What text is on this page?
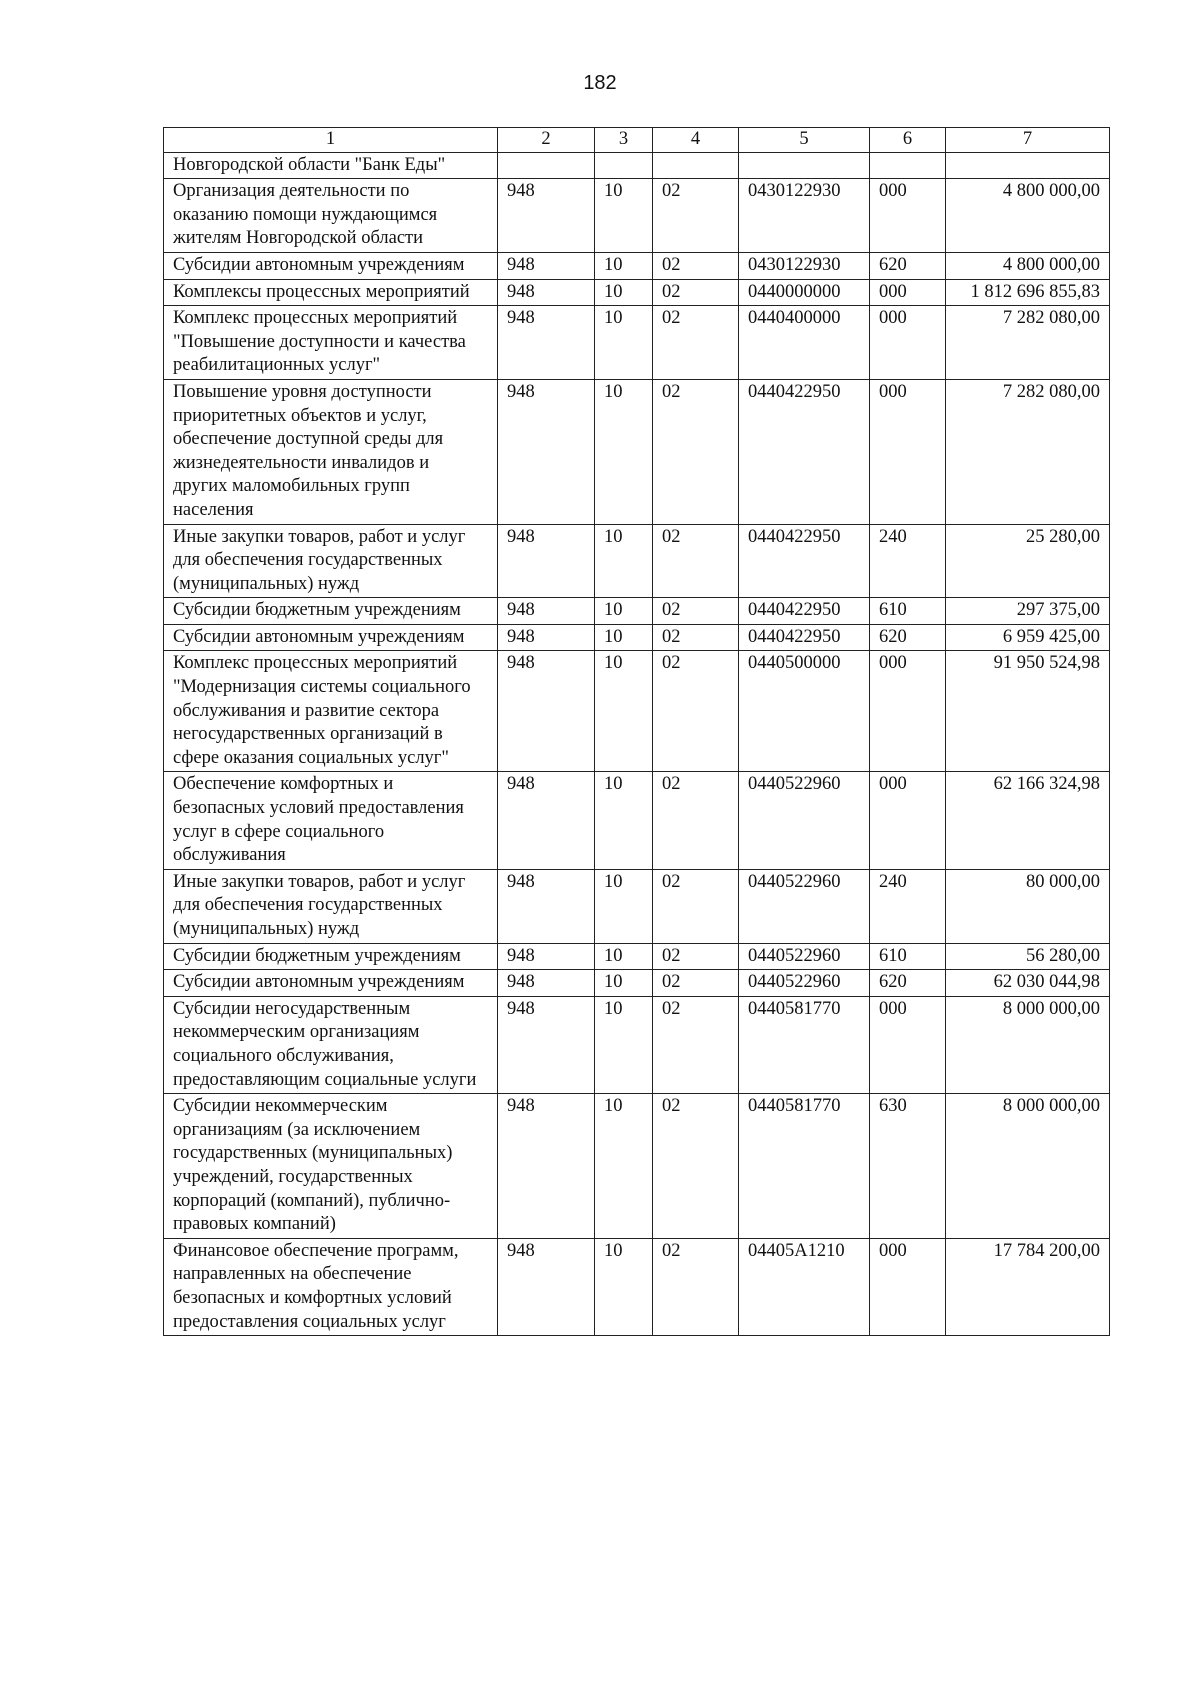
182
1	2	3	4	5	6	7
Новгородской области "Банк Еды"						
Организация деятельности по оказанию помощи нуждающимся жителям Новгородской области	948	10	02	0430122930	000	4 800 000,00
Субсидии автономным учреждениям	948	10	02	0430122930	620	4 800 000,00
Комплексы процессных мероприятий	948	10	02	0440000000	000	1 812 696 855,83
Комплекс процессных мероприятий "Повышение доступности и качества реабилитационных услуг"	948	10	02	0440400000	000	7 282 080,00
Повышение уровня доступности приоритетных объектов и услуг, обеспечение доступной среды для жизнедеятельности инвалидов и других маломобильных групп населения	948	10	02	0440422950	000	7 282 080,00
Иные закупки товаров, работ и услуг для обеспечения государственных (муниципальных) нужд	948	10	02	0440422950	240	25 280,00
Субсидии бюджетным учреждениям	948	10	02	0440422950	610	297 375,00
Субсидии автономным учреждениям	948	10	02	0440422950	620	6 959 425,00
Комплекс процессных мероприятий "Модернизация системы социального обслуживания и развитие сектора негосударственных организаций в сфере оказания социальных услуг"	948	10	02	0440500000	000	91 950 524,98
Обеспечение комфортных и безопасных условий предоставления услуг в сфере социального обслуживания	948	10	02	0440522960	000	62 166 324,98
Иные закупки товаров, работ и услуг для обеспечения государственных (муниципальных) нужд	948	10	02	0440522960	240	80 000,00
Субсидии бюджетным учреждениям	948	10	02	0440522960	610	56 280,00
Субсидии автономным учреждениям	948	10	02	0440522960	620	62 030 044,98
Субсидии негосударственным некоммерческим организациям социального обслуживания, предоставляющим социальные услуги	948	10	02	0440581770	000	8 000 000,00
Субсидии некоммерческим организациям (за исключением государственных (муниципальных) учреждений, государственных корпораций (компаний), публично-правовых компаний)	948	10	02	0440581770	630	8 000 000,00
Финансовое обеспечение программ, направленных на обеспечение безопасных и комфортных условий предоставления социальных услуг	948	10	02	04405A1210	000	17 784 200,00
